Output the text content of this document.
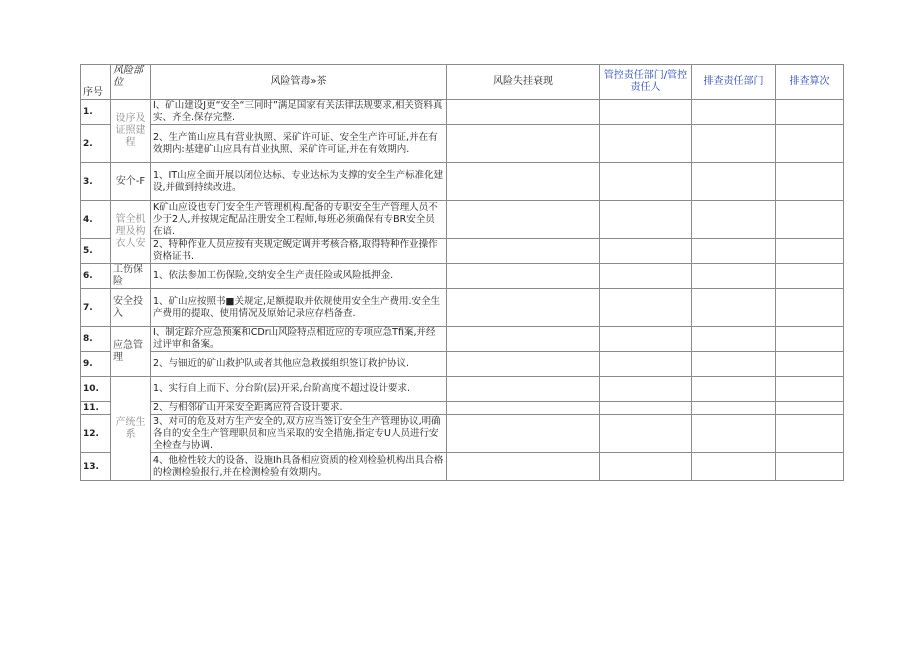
序号	风险部位	风险管毒»茶	风险失挂衰现	管控责任部门/管控责任人	排查责任部门	排查算次
1.	设序及证照建程	I、矿山建设J更“安全“三同时”满足国家有关法律法规要求,相关资料真实、齐全.保存完整.				
2.		2、生产笛山应具有营业执照、采矿许可证、安全生产许可证,并在有效期内:基建矿山应具有苜业执照、采矿许可证,并在有效期内.				
3.	安个-F	1、IT山应全面开展以闭位达标、专业达标为支撑的安全生产标准化建设,并做到持续改进。				
4.	管全机理及构衣人安	K矿山应设也专门安全生产管理机构.配备的专职安全生产管理人员不少于2人,并按规定配品注册安全工程师,每班必须确保有专BR安全员在谙.				
5.		2、特种作业人员应按有夹规定鲵定调并考核合格,取得特种作业操作资格证书.				
6.	工伤保险	1、依法参加工伤保险,交纳安全生产责任险或风险抵押金.				
7.	安全投入	1、矿山应按照书■关规定,足额提取并依规使用安全生产费用.安全生产费用的提取、使用情况及原始记录应存档备查.				
8.	应急管理	I、制定踪介应急预案和CDr山风险特点相近应的专项应急Tfi案,并经过评审和备案。				
9.		2、与钿近的矿山救护队或者其他应急救援组织签订救护协议.				
10.	产统生系	1、实行自上而下、分台阶(层)开采,台阶高度不超过设计要求.				
11.		2、与相邻矿山开采安全距离应符合设计要求.				
12.		3、对可的危及对方生产安全的,双方应当签订安全生产管理协议,明确各自的安全生产管理职员和应当采取的安全措施,指定专U人员进行安全检查与协调.				
13.		4、他检性较大的设备、设施Ih具备相应资质的检刈检验机构出具合格的检测检验报行,并在检测检验有效期内。				
